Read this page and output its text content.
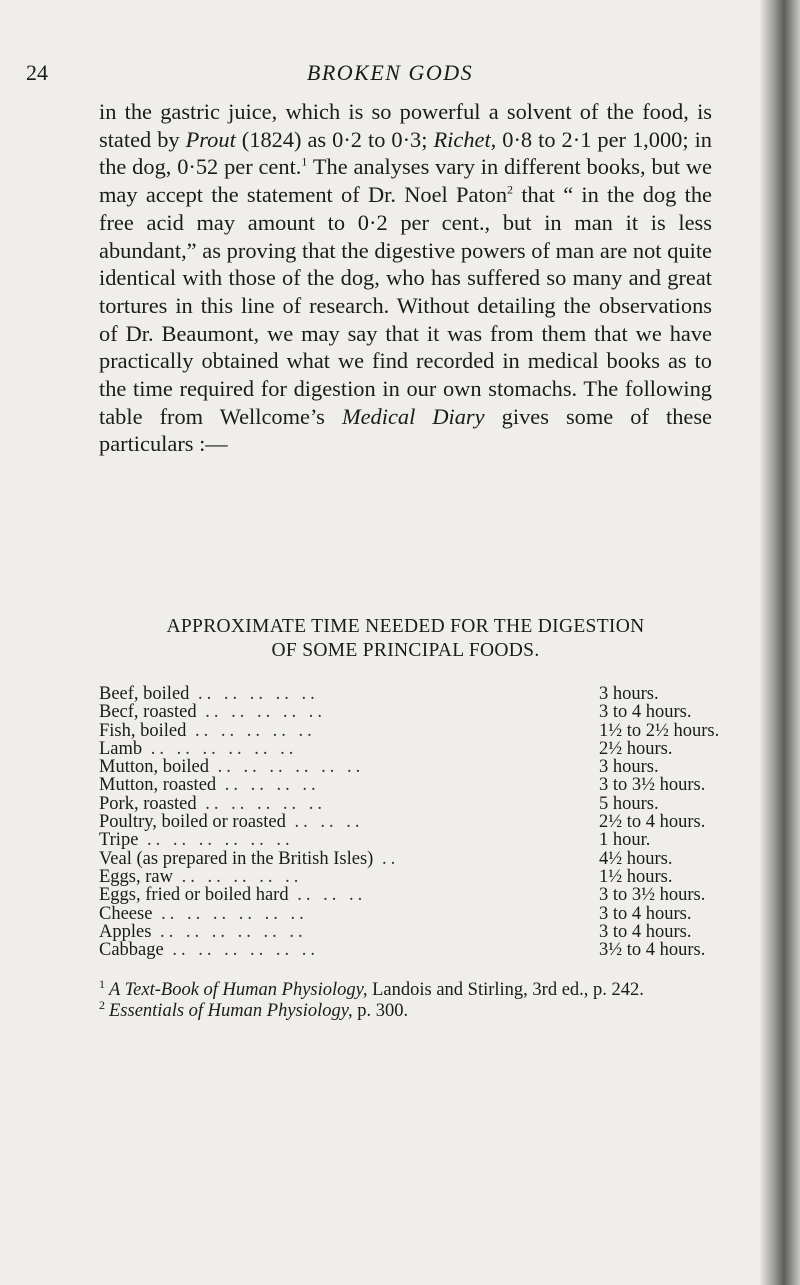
24	BROKEN GODS

in the gastric juice, which is so powerful a solvent of the food, is stated by Prout (1824) as 0·2 to 0·3; Richet, 0·8 to 2·1 per 1,000; in the dog, 0·52 per cent.$^1$ The analyses vary in different books, but we may accept the statement of Dr. Noel Paton$^2$ that “ in the dog the free acid may amount to 0·2 per cent., but in man it is less abundant,” as proving that the digestive powers of man are not quite identical with those of the dog, who has suffered so many and great tortures in this line of research. Without detailing the observations of Dr. Beaumont, we may say that it was from them that we have practically obtained what we find recorded in medical books as to the time required for digestion in our own stomachs. The following table from Wellcome’s Medical Diary gives some of these particulars :—

APPROXIMATE TIME NEEDED FOR THE DIGESTION
OF SOME PRINCIPAL FOODS.
Beef, boiled .. .. .. .. ..	3 hours.
Becf, roasted .. .. .. .. ..	3 to 4 hours.
Fish, boiled .. .. .. .. ..	1½ to 2½ hours.
Lamb .. .. .. .. .. ..	2½ hours.
Mutton, boiled .. .. .. .. .. ..	3 hours.
Mutton, roasted .. .. .. ..	3 to 3½ hours.
Pork, roasted .. .. .. .. ..	5 hours.
Poultry, boiled or roasted .. .. ..	2½ to 4 hours.
Tripe .. .. .. .. .. ..	1 hour.
Veal (as prepared in the British Isles) ..	4½ hours.
Eggs, raw .. .. .. .. ..	1½ hours.
Eggs, fried or boiled hard .. .. ..	3 to 3½ hours.
Cheese .. .. .. .. .. ..	3 to 4 hours.
Apples .. .. .. .. .. ..	3 to 4 hours.
Cabbage .. .. .. .. .. ..	3½ to 4 hours.

$^1$ A Text-Book of Human Physiology, Landois and Stirling, 3rd ed., p. 242.

$^2$ Essentials of Human Physiology, p. 300.
